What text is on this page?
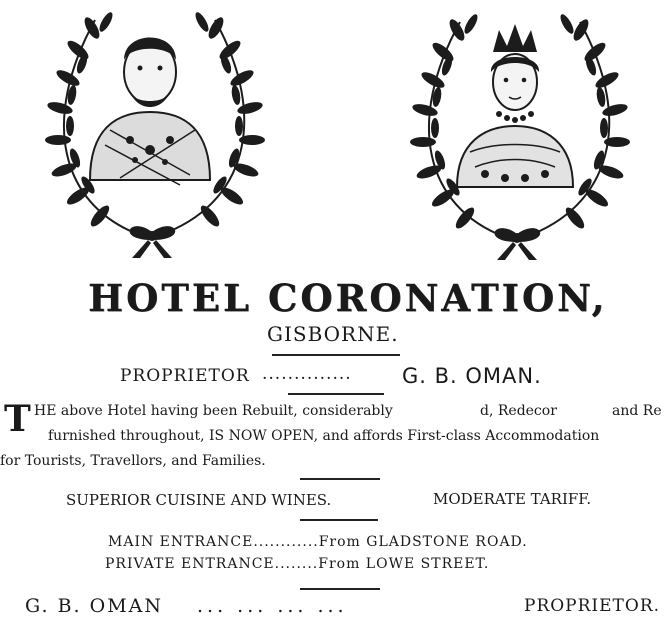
HOTEL CORONATION,
GISBORNE.
PROPRIETOR .............. G. B. OMAN.
T HE above Hotel having been Rebuilt, considerably	d, Redecor	and Re
furnished throughout, IS NOW OPEN, and affords First-class Accommodation
for Tourists, Travellors, and Families.
SUPERIOR CUISINE AND WINES.	MODERATE TARIFF.
MAIN ENTRANCE............From GLADSTONE ROAD.
PRIVATE ENTRANCE........From LOWE STREET.
G. B. OMAN ... ... ... ...	PROPRIETOR.
